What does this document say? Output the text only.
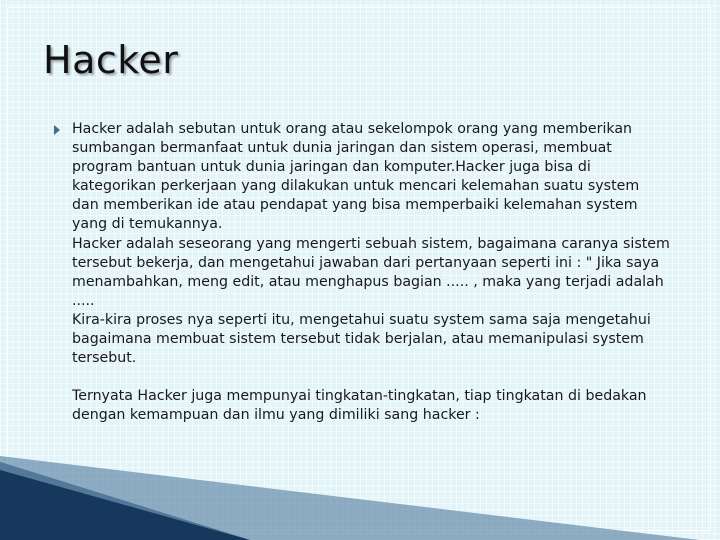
Hacker

Hacker adalah sebutan untuk orang atau sekelompok orang yang memberikan sumbangan bermanfaat untuk dunia jaringan dan sistem operasi, membuat program bantuan untuk dunia jaringan dan komputer.Hacker juga bisa di kategorikan perkerjaan yang dilakukan untuk mencari kelemahan suatu system dan memberikan ide atau pendapat yang bisa memperbaiki kelemahan system yang di temukannya.

Hacker adalah seseorang yang mengerti sebuah sistem, bagaimana caranya sistem tersebut bekerja, dan mengetahui jawaban dari pertanyaan seperti ini : " Jika saya menambahkan, meng edit, atau menghapus bagian ..... , maka yang terjadi adalah .....

Kira-kira proses nya seperti itu, mengetahui suatu system sama saja mengetahui bagaimana membuat sistem tersebut tidak berjalan, atau memanipulasi system tersebut.

Ternyata Hacker juga mempunyai tingkatan-tingkatan, tiap tingkatan di bedakan dengan kemampuan dan ilmu yang dimiliki sang hacker :
